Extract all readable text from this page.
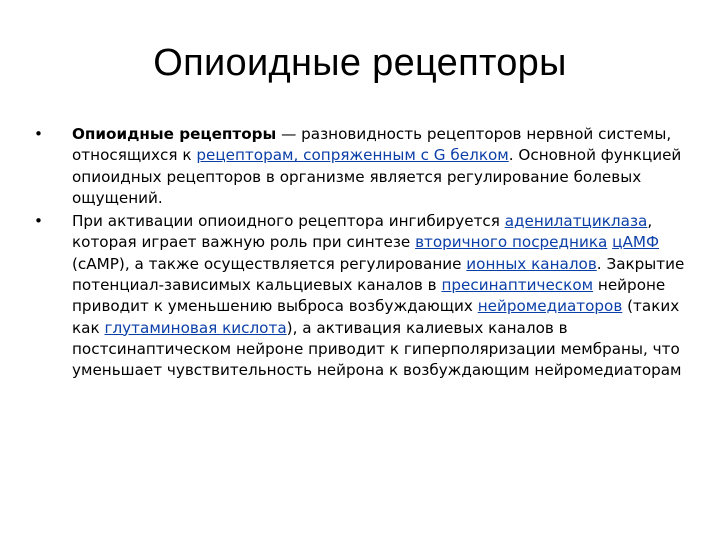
Опиоидные рецепторы
•	Опиоидные рецепторы — разновидность рецепторов нервной системы, относящихся к рецепторам, сопряженным с G белком. Основной функцией опиоидных рецепторов в организме является регулирование болевых ощущений.
•	При активации опиоидного рецептора ингибируется аденилатциклаза, которая играет важную роль при синтезе вторичного посредника цАМФ (cAMP), а также осуществляется регулирование ионных каналов. Закрытие потенциал-зависимых кальциевых каналов в пресинаптическом нейроне приводит к уменьшению выброса возбуждающих нейромедиаторов (таких как глутаминовая кислота), а активация калиевых каналов в постсинаптическом нейроне приводит к гиперполяризации мембраны, что уменьшает чувствительность нейрона к возбуждающим нейромедиаторам
